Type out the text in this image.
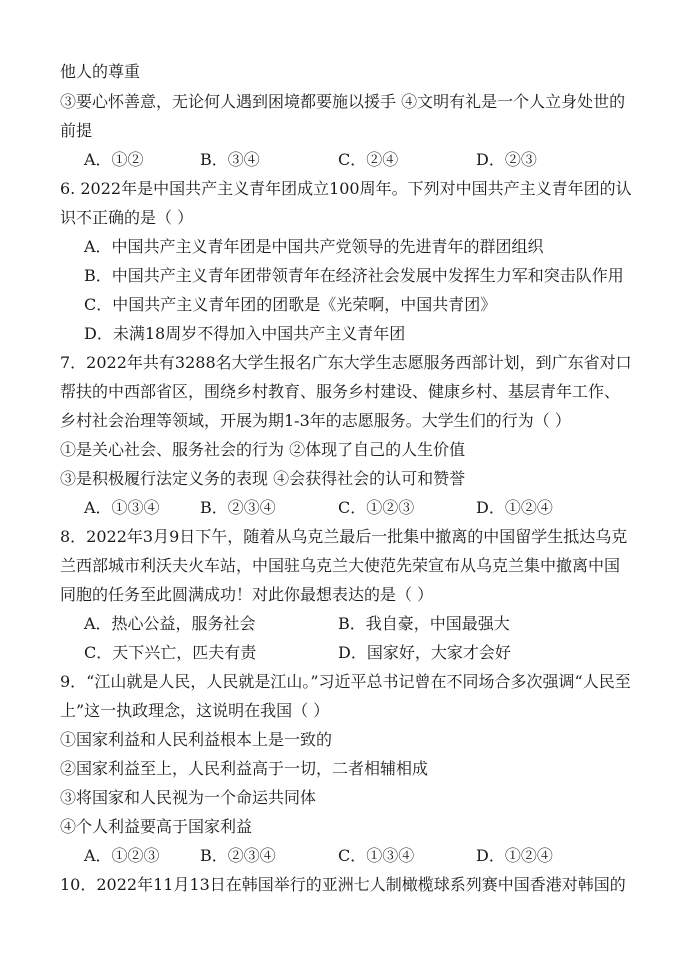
他人的尊重
③要心怀善意，无论何人遇到困境都要施以援手 ④文明有礼是一个人立身处世的
前提
A．①②	B．③④	C．②④	D．②③
6. 2022年是中国共产主义青年团成立100周年。下列对中国共产主义青年团的认
识不正确的是（ ）
A．中国共产主义青年团是中国共产党领导的先进青年的群团组织
B．中国共产主义青年团带领青年在经济社会发展中发挥生力军和突击队作用
C．中国共产主义青年团的团歌是《光荣啊，中国共青团》
D．未满18周岁不得加入中国共产主义青年团
7．2022年共有3288名大学生报名广东大学生志愿服务西部计划，到广东省对口
帮扶的中西部省区，围绕乡村教育、服务乡村建设、健康乡村、基层青年工作、
乡村社会治理等领域，开展为期1-3年的志愿服务。大学生们的行为（ ）
①是关心社会、服务社会的行为 ②体现了自己的人生价值
③是积极履行法定义务的表现 ④会获得社会的认可和赞誉
A．①③④	B．②③④	C．①②③	D．①②④
8．2022年3月9日下午，随着从乌克兰最后一批集中撤离的中国留学生抵达乌克
兰西部城市利沃夫火车站，中国驻乌克兰大使范先荣宣布从乌克兰集中撤离中国
同胞的任务至此圆满成功！对此你最想表达的是（ ）
A．热心公益，服务社会	B．我自豪，中国最强大
C．天下兴亡，匹夫有责	D．国家好，大家才会好
9．“江山就是人民，人民就是江山。”习近平总书记曾在不同场合多次强调“人民至
上”这一执政理念，这说明在我国（ ）
①国家利益和人民利益根本上是一致的
②国家利益至上，人民利益高于一切，二者相辅相成
③将国家和人民视为一个命运共同体
④个人利益要高于国家利益
A．①②③	B．②③④	C．①③④	D．①②④
10．2022年11月13日在韩国举行的亚洲七人制橄榄球系列赛中国香港对韩国的
